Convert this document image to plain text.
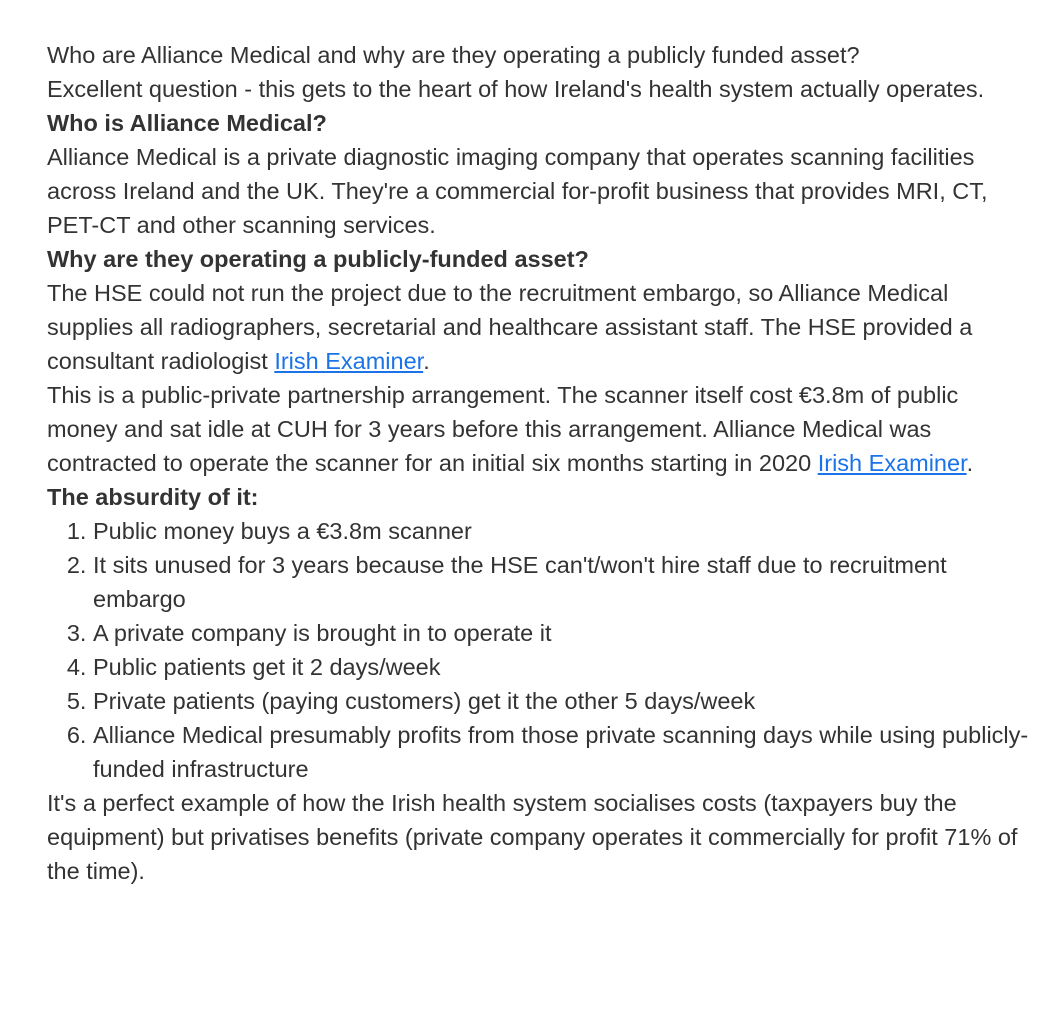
Who are Alliance Medical and why are they operating a publicly funded asset?

Excellent question - this gets to the heart of how Ireland's health system actually operates.

Who is Alliance Medical?

Alliance Medical is a private diagnostic imaging company that operates scanning facilities across Ireland and the UK. They're a commercial for-profit business that provides MRI, CT, PET-CT and other scanning services.

Why are they operating a publicly-funded asset?

The HSE could not run the project due to the recruitment embargo, so Alliance Medical supplies all radiographers, secretarial and healthcare assistant staff. The HSE provided a consultant radiologist Irish Examiner.

This is a public-private partnership arrangement. The scanner itself cost €3.8m of public money and sat idle at CUH for 3 years before this arrangement. Alliance Medical was contracted to operate the scanner for an initial six months starting in 2020 Irish Examiner.

The absurdity of it:

1. Public money buys a €3.8m scanner
2. It sits unused for 3 years because the HSE can't/won't hire staff due to recruitment embargo
3. A private company is brought in to operate it
4. Public patients get it 2 days/week
5. Private patients (paying customers) get it the other 5 days/week
6. Alliance Medical presumably profits from those private scanning days while using publicly-funded infrastructure

It's a perfect example of how the Irish health system socialises costs (taxpayers buy the equipment) but privatises benefits (private company operates it commercially for profit 71% of the time).
